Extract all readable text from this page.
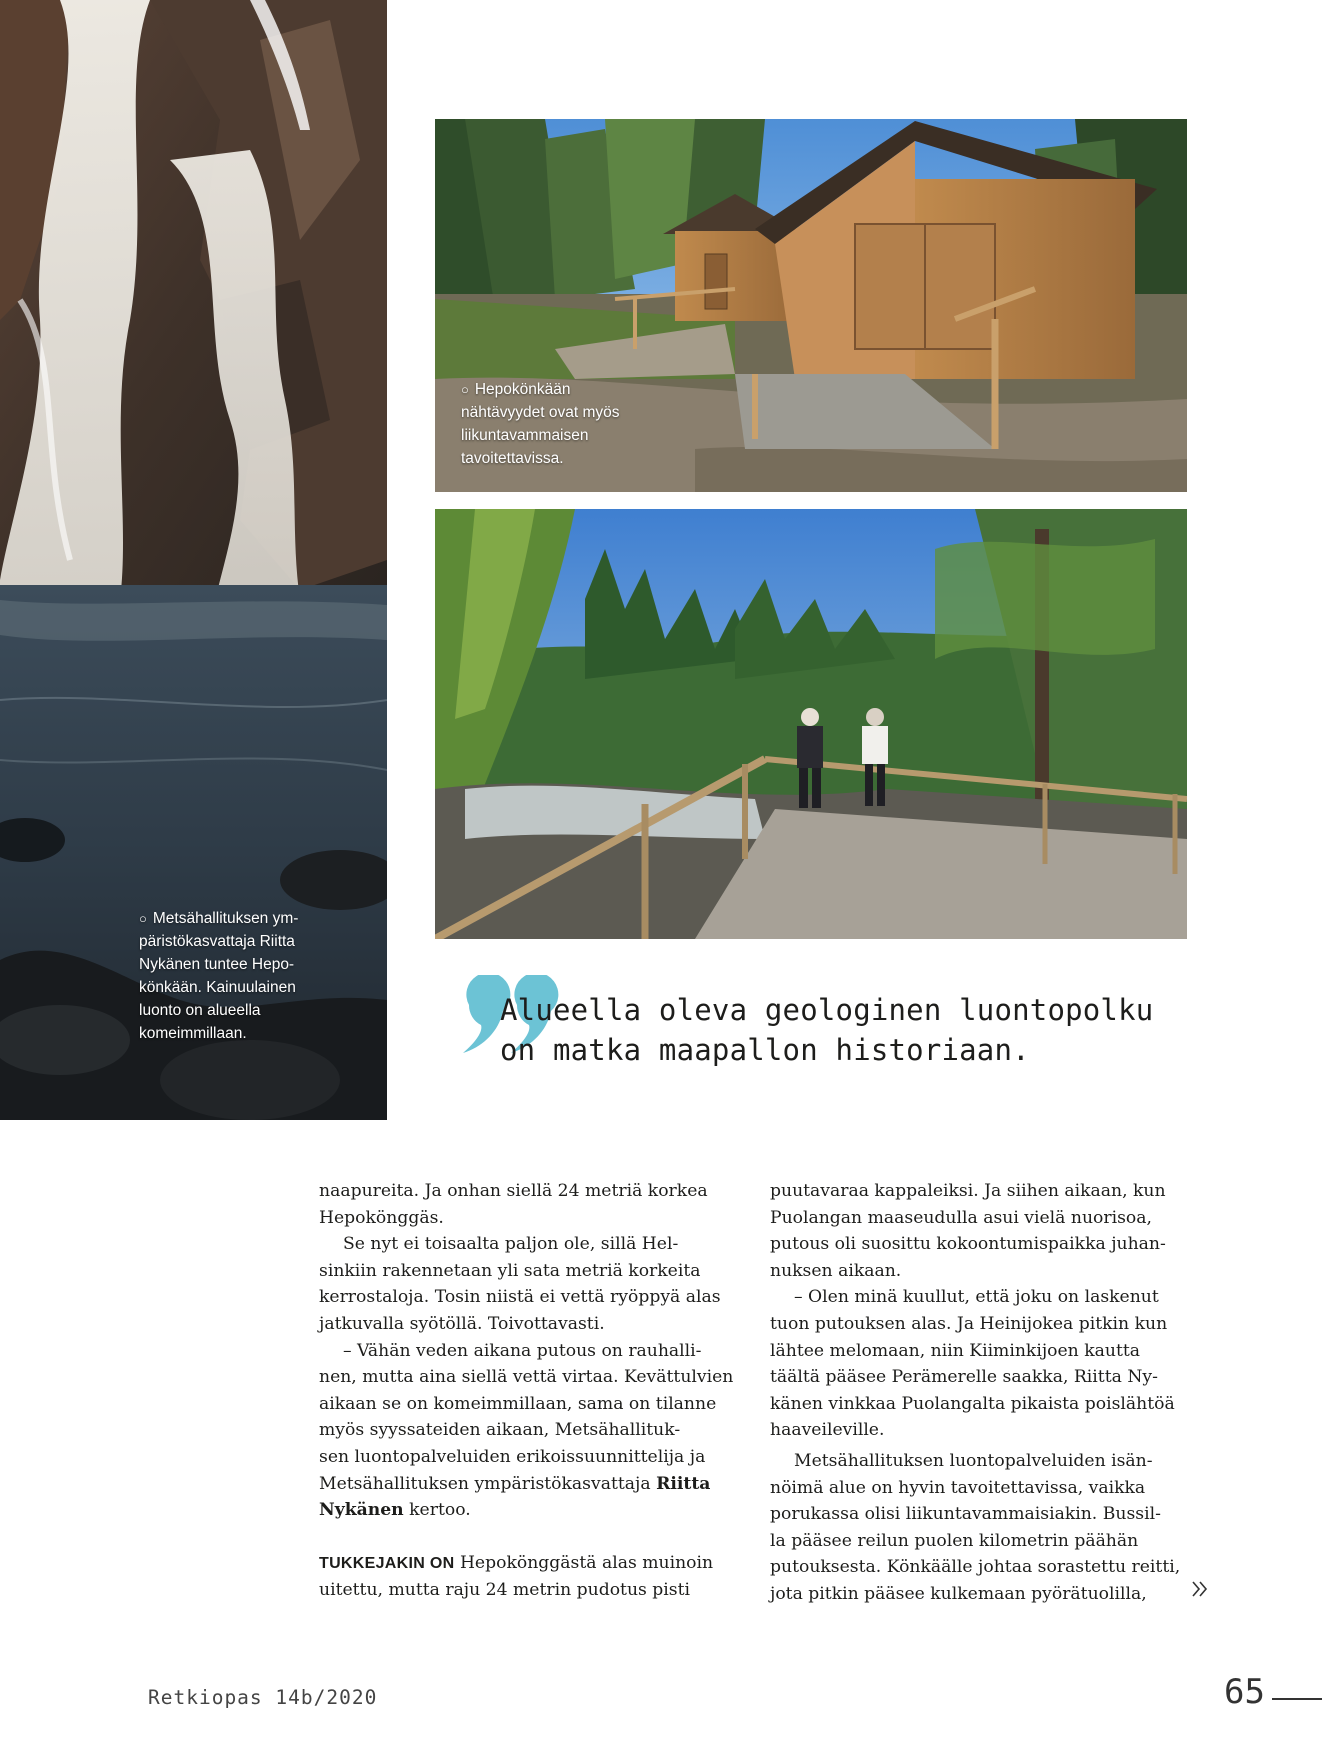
○ Metsähallituksen ym-
päristökasvattaja Riitta
Nykänen tuntee Hepo-
könkään. Kainuulainen
luonto on alueella
komeimmillaan.
○ Hepokönkään
nähtävyydet ovat myös
liikuntavammaisen
tavoitettavissa.
Alueella oleva geologinen luontopolku
on matka maapallon historiaan.
naapureita. Ja onhan siellä 24 metriä korkea
Hepokönggäs.
Se nyt ei toisaalta paljon ole, sillä Hel-
sinkiin rakennetaan yli sata metriä korkeita
kerrostaloja. Tosin niistä ei vettä ryöppyä alas
jatkuvalla syötöllä. Toivottavasti.
– Vähän veden aikana putous on rauhalli-
nen, mutta aina siellä vettä virtaa. Kevättulvien
aikaan se on komeimmillaan, sama on tilanne
myös syyssateiden aikaan, Metsähallituk-
sen luontopalveluiden erikoissuunnittelija ja
Metsähallituksen ympäristökasvattaja Riitta
Nykänen kertoo.
TUKKEJAKIN ON Hepokönggästä alas muinoin
uitettu, mutta raju 24 metrin pudotus pisti
puutavaraa kappaleiksi. Ja siihen aikaan, kun
Puolangan maaseudulla asui vielä nuorisoa,
putous oli suosittu kokoontumispaikka juhan-
nuksen aikaan.
– Olen minä kuullut, että joku on laskenut
tuon putouksen alas. Ja Heinijokea pitkin kun
lähtee melomaan, niin Kiiminkijoen kautta
täältä pääsee Perämerelle saakka, Riitta Ny-
känen vinkkaa Puolangalta pikaista poislähtöä
haaveileville.
Metsähallituksen luontopalveluiden isän-
nöimä alue on hyvin tavoitettavissa, vaikka
porukassa olisi liikuntavammaisiakin. Bussil-
la pääsee reilun puolen kilometrin päähän
putouksesta. Könkäälle johtaa sorastettu reitti,
jota pitkin pääsee kulkemaan pyörätuolilla,
Retkiopas 14b/2020	65
